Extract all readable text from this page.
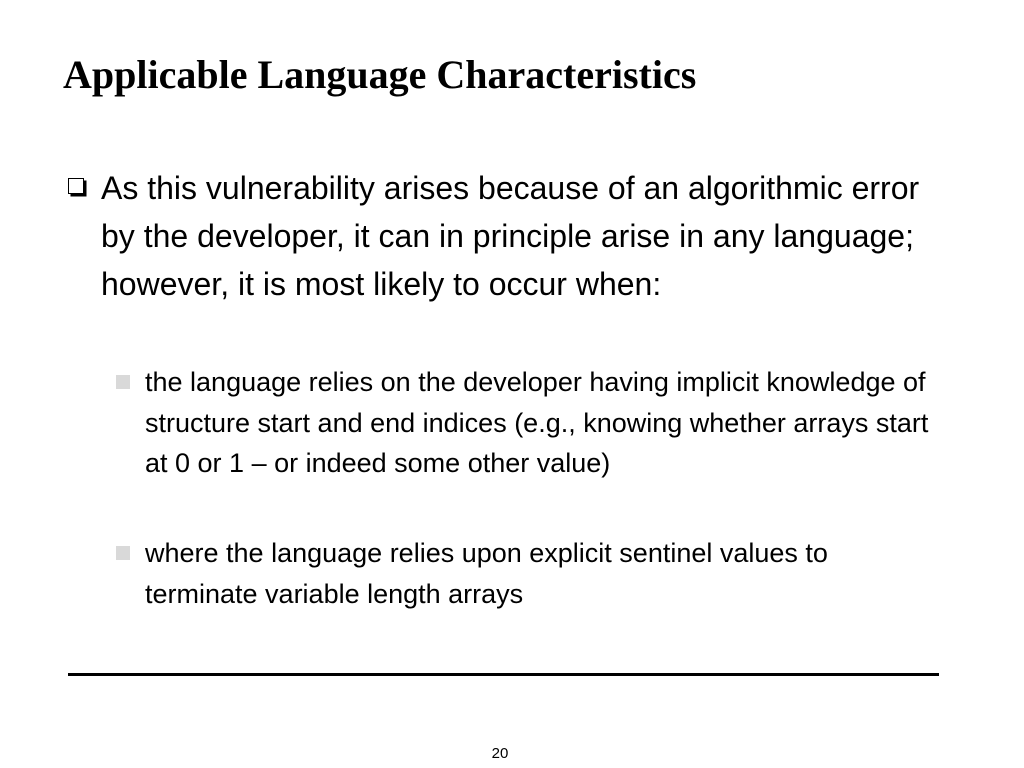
Applicable Language Characteristics

As this vulnerability arises because of an algorithmic error by the developer, it can in principle arise in any language; however, it is most likely to occur when:

the language relies on the developer having implicit knowledge of structure start and end indices (e.g., knowing whether arrays start at 0 or 1 – or indeed some other value)

where the language relies upon explicit sentinel values to terminate variable length arrays

20
